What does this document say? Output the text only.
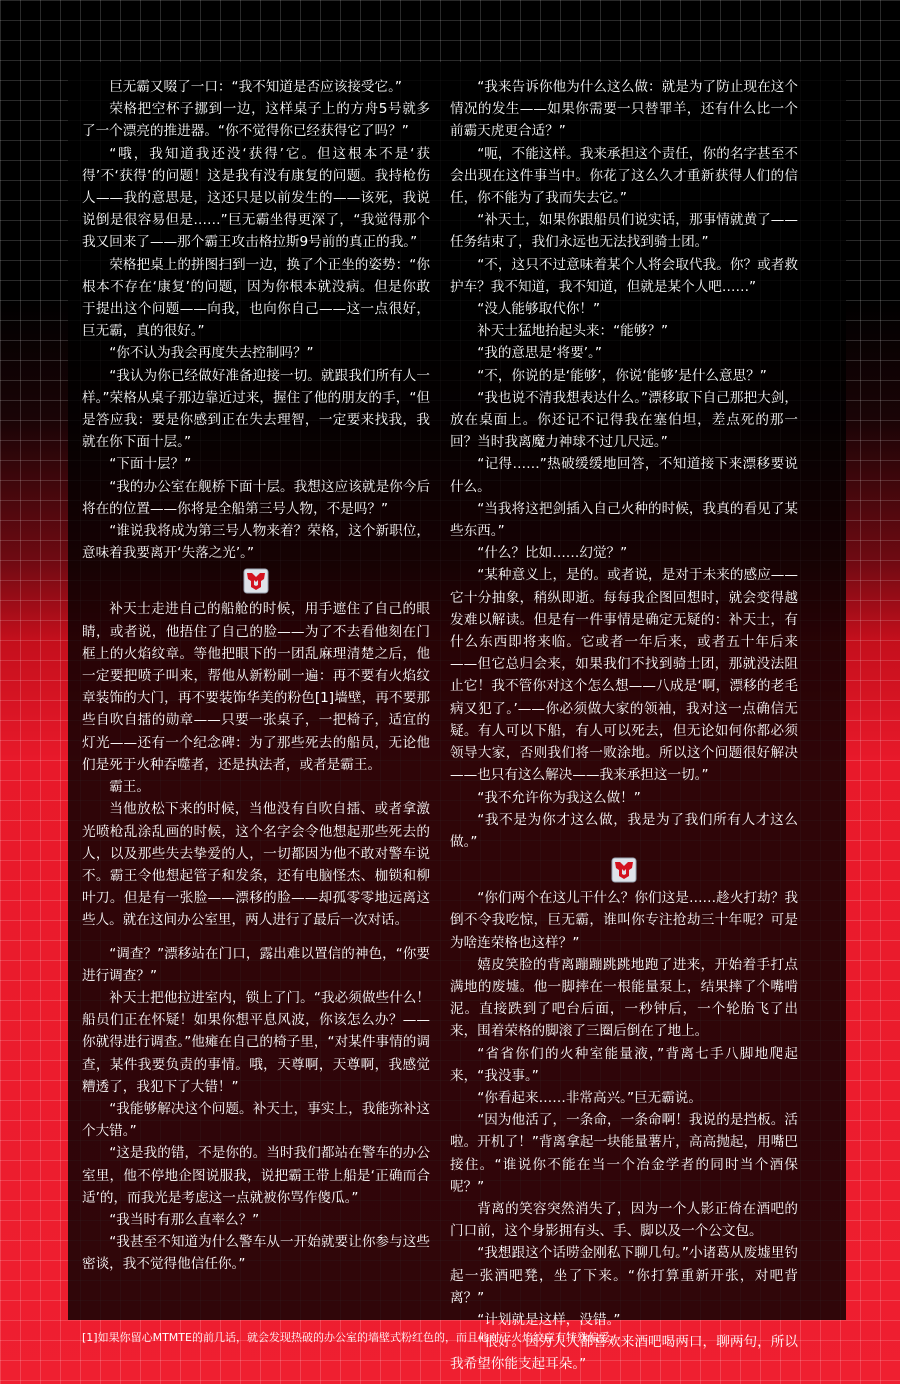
巨无霸又啜了一口：“我不知道是否应该接受它。”

荣格把空杯子挪到一边，这样桌子上的方舟5号就多了一个漂亮的推进器。“你不觉得你已经获得它了吗？”

“哦，我知道我还没‘获得’它。但这根本不是‘获得’不‘获得’的问题！这是我有没有康复的问题。我持枪伤人——我的意思是，这还只是以前发生的——该死，我说说倒是很容易但是……”巨无霸坐得更深了，“我觉得那个我又回来了——那个霸王攻击格拉斯9号前的真正的我。”

荣格把桌上的拼图扫到一边，换了个正坐的姿势：“你根本不存在‘康复’的问题，因为你根本就没病。但是你敢于提出这个问题——向我，也向你自己——这一点很好，巨无霸，真的很好。”

“你不认为我会再度失去控制吗？”

“我认为你已经做好准备迎接一切。就跟我们所有人一样。”荣格从桌子那边靠近过来，握住了他的朋友的手，“但是答应我：要是你感到正在失去理智，一定要来找我，我就在你下面十层。”

“下面十层？”

“我的办公室在舰桥下面十层。我想这应该就是你今后将在的位置——你将是全船第三号人物，不是吗？”

“谁说我将成为第三号人物来着？荣格，这个新职位，意味着我要离开‘失落之光’。”

补天士走进自己的船舱的时候，用手遮住了自己的眼睛，或者说，他捂住了自己的脸——为了不去看他刻在门框上的火焰纹章。等他把眼下的一团乱麻理清楚之后，他一定要把喷子叫来，帮他从新粉刷一遍：再不要有火焰纹章装饰的大门，再不要装饰华美的粉色[1]墙壁，再不要那些自吹自擂的勋章——只要一张桌子，一把椅子，适宜的灯光——还有一个纪念碑：为了那些死去的船员，无论他们是死于火种吞噬者，还是执法者，或者是霸王。

霸王。

当他放松下来的时候，当他没有自吹自擂、或者拿激光喷枪乱涂乱画的时候，这个名字会令他想起那些死去的人，以及那些失去挚爱的人，一切都因为他不敢对警车说不。霸王令他想起管子和发条，还有电脑怪杰、枷锁和柳叶刀。但是有一张脸——漂移的脸——却孤零零地远离这些人。就在这间办公室里，两人进行了最后一次对话。

“调查？”漂移站在门口，露出难以置信的神色，“你要进行调查？”

补天士把他拉进室内，锁上了门。“我必须做些什么！船员们正在怀疑！如果你想平息风波，你该怎么办？——你就得进行调查。”他瘫在自己的椅子里，“对某件事情的调查，某件我要负责的事情。哦，天尊啊，天尊啊，我感觉糟透了，我犯下了大错！”

“我能够解决这个问题。补天士，事实上，我能弥补这个大错。”

“这是我的错，不是你的。当时我们都站在警车的办公室里，他不停地企图说服我，说把霸王带上船是‘正确而合适’的，而我光是考虑这一点就被你骂作傻瓜。”

“我当时有那么直率么？”

“我甚至不知道为什么警车从一开始就要让你参与这些密谈，我不觉得他信任你。”

“我来告诉你他为什么这么做：就是为了防止现在这个情况的发生——如果你需要一只替罪羊，还有什么比一个前霸天虎更合适？”

“呃，不能这样。我来承担这个责任，你的名字甚至不会出现在这件事当中。你花了这么久才重新获得人们的信任，你不能为了我而失去它。”

“补天士，如果你跟船员们说实话，那事情就黄了——任务结束了，我们永远也无法找到骑士团。”

“不，这只不过意味着某个人将会取代我。你？或者救护车？我不知道，我不知道，但就是某个人吧……”

“没人能够取代你！”

补天士猛地抬起头来：“能够？”

“我的意思是‘将要’。”

“不，你说的是‘能够’，你说‘能够’是什么意思？”

“我也说不清我想表达什么。”漂移取下自己那把大剑，放在桌面上。你还记不记得我在塞伯坦，差点死的那一回？当时我离魔力神球不过几尺远。”

“记得……”热破缓缓地回答，不知道接下来漂移要说什么。

“当我将这把剑插入自己火种的时候，我真的看见了某些东西。”

“什么？比如……幻觉？”

“某种意义上，是的。或者说，是对于未来的感应——它十分抽象，稍纵即逝。每每我企图回想时，就会变得越发难以解读。但是有一件事情是确定无疑的：补天士，有什么东西即将来临。它或者一年后来，或者五十年后来——但它总归会来，如果我们不找到骑士团，那就没法阻止它！我不管你对这个怎么想——八成是‘啊，漂移的老毛病又犯了。’——你必须做大家的领袖，我对这一点确信无疑。有人可以下船，有人可以死去，但无论如何你都必须领导大家，否则我们将一败涂地。所以这个问题很好解决——也只有这么解决——我来承担这一切。”

“我不允许你为我这么做！”

“我不是为你才这么做，我是为了我们所有人才这么做。”

“你们两个在这儿干什么？你们这是……趁火打劫？我倒不令我吃惊，巨无霸，谁叫你专注抢劫三十年呢？可是为啥连荣格也这样？”

嬉皮笑脸的背离蹦蹦跳跳地跑了进来，开始着手打点满地的废墟。他一脚摔在一根能量泵上，结果摔了个嘴啃泥。直接跌到了吧台后面，一秒钟后，一个轮胎飞了出来，围着荣格的脚滚了三圈后倒在了地上。

“省省你们的火种室能量液，”背离七手八脚地爬起来，“我没事。”

“你看起来……非常高兴。”巨无霸说。

“因为他活了，一条命，一条命啊！我说的是挡板。活啦。开机了！”背离拿起一块能量薯片，高高抛起，用嘴巴接住。“谁说你不能在当一个冶金学者的同时当个酒保呢？”

背离的笑容突然消失了，因为一个人影正倚在酒吧的门口前，这个身影拥有头、手、脚以及一个公文包。

“我想跟这个话唠金刚私下聊几句。”小诸葛从废墟里钓起一张酒吧凳，坐了下来。“你打算重新开张，对吧背离？”

“计划就是这样，没错。”

“很好。因为人人都喜欢来酒吧喝两口，聊两句，所以我希望你能支起耳朵。”

[1]如果你留心MTMTE的前几话，就会发现热破的办公室的墙壁式粉红色的，而且他对于火焰纹章有特殊偏爱。
